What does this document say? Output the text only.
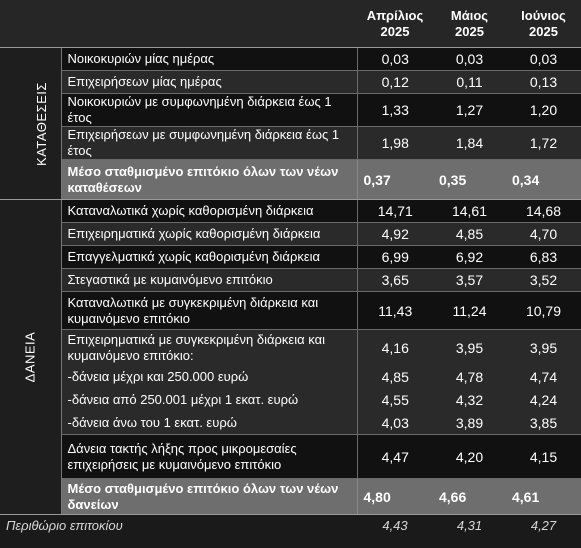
		Απρίλιος 2025	Μάιος 2025	Ιούνιος 2025
ΚΑΤΑΘΕΣΕΙΣ	Νοικοκυριών μίας ημέρας	0,03	0,03	0,03
	Επιχειρήσεων μίας ημέρας	0,12	0,11	0,13
	Νοικοκυριών με συμφωνημένη διάρκεια έως 1 έτος	1,33	1,27	1,20
	Επιχειρήσεων με συμφωνημένη διάρκεια έως 1 έτος	1,98	1,84	1,72
	Μέσο σταθμισμένο επιτόκιο όλων των νέων καταθέσεων	0,37	0,35	0,34
ΔΑΝΕΙΑ	Καταναλωτικά χωρίς καθορισμένη διάρκεια	14,71	14,61	14,68
	Επιχειρηματικά χωρίς καθορισμένη διάρκεια	4,92	4,85	4,70
	Επαγγελματικά χωρίς καθορισμένη διάρκεια	6,99	6,92	6,83
	Στεγαστικά με κυμαινόμενο επιτόκιο	3,65	3,57	3,52
	Καταναλωτικά με συγκεκριμένη διάρκεια και κυμαινόμενο επιτόκιο	11,43	11,24	10,79
	Επιχειρηματικά με συγκεκριμένη διάρκεια και κυμαινόμενο επιτόκιο:	4,16	3,95	3,95
	-δάνεια μέχρι και 250.000 ευρώ	4,85	4,78	4,74
	-δάνεια από 250.001 μέχρι 1 εκατ. ευρώ	4,55	4,32	4,24
	-δάνεια άνω του 1 εκατ. ευρώ	4,03	3,89	3,85
	Δάνεια τακτής λήξης προς μικρομεσαίες επιχειρήσεις με κυμαινόμενο επιτόκιο	4,47	4,20	4,15
	Μέσο σταθμισμένο επιτόκιο όλων των νέων δανείων	4,80	4,66	4,61
Περιθώριο επιτοκίου		4,43	4,31	4,27
